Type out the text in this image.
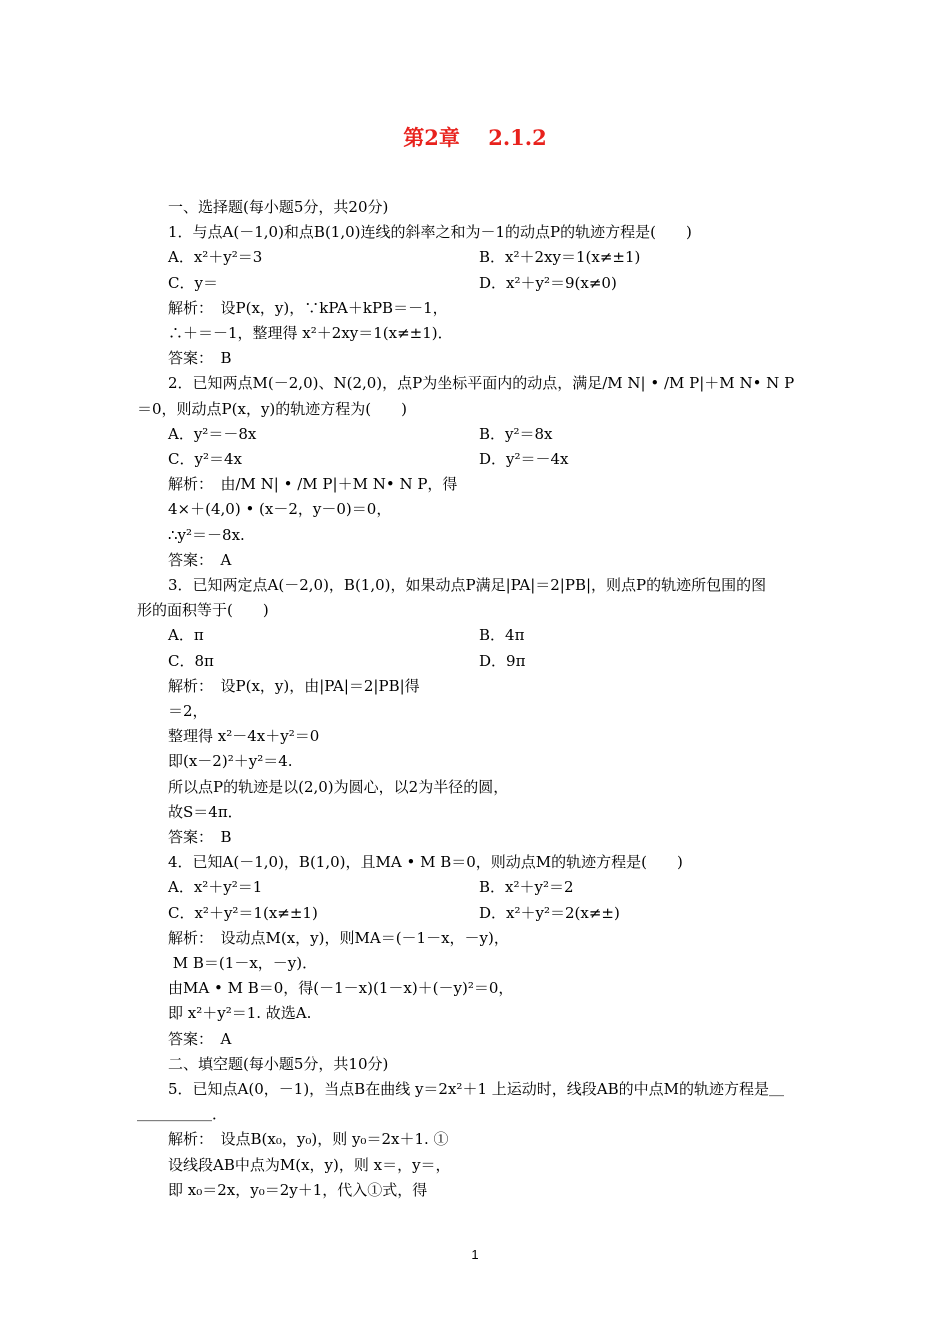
第2章　 2.1.2
一、选择题(每小题5分，共20分)
1．与点A(－1,0)和点B(1,0)连线的斜率之和为－1的动点P的轨迹方程是(　　)
A．x²＋y²＝3	B．x²＋2xy＝1(x≠±1)
C．y＝	D．x²＋y²＝9(x≠0)
解析：　设P(x，y)，∵kPA＋kPB＝－1，
∴＋＝－1，整理得 x²＋2xy＝1(x≠±1)．
答案：　B
2．已知两点M(－2,0)、N(2,0)，点P为坐标平面内的动点，满足/M N| • /M P|＋M N• N P
＝0，则动点P(x，y)的轨迹方程为(　　)
A．y²＝－8x	B．y²＝8x
C．y²＝4x	D．y²＝－4x
解析：　由/M N| • /M P|＋M N• N P，得
4×＋(4,0) • (x－2，y－0)＝0，
∴y²＝－8x.
答案：　A
3．已知两定点A(－2,0)，B(1,0)，如果动点P满足|PA|＝2|PB|，则点P的轨迹所包围的图
形的面积等于(　　)
A．π	B．4π
C．8π	D．9π
解析：　设P(x，y)，由|PA|＝2|PB|得
＝2，
整理得 x²－4x＋y²＝0
即(x－2)²＋y²＝4.
所以点P的轨迹是以(2,0)为圆心，以2为半径的圆，
故S＝4π．
答案：　B
4．已知A(－1,0)，B(1,0)，且MA • M B＝0，则动点M的轨迹方程是(　　)
A．x²＋y²＝1	B．x²＋y²＝2
C．x²＋y²＝1(x≠±1)	D．x²＋y²＝2(x≠±)
解析：　设动点M(x，y)，则MA＝(－1－x，－y)，
M B＝(1－x，－y)．
由MA • M B＝0，得(－1－x)(1－x)＋(－y)²＝0，
即 x²＋y²＝1. 故选A.
答案：　A
二、填空题(每小题5分，共10分)
5．已知点A(0，－1)，当点B在曲线 y＝2x²＋1 上运动时，线段AB的中点M的轨迹方程是＿
＿＿＿＿＿．
解析：　设点B(x₀，y₀)，则 y₀＝2x＋1. ①
设线段AB中点为M(x，y)，则 x＝，y＝，
即 x₀＝2x，y₀＝2y＋1，代入①式，得
1
